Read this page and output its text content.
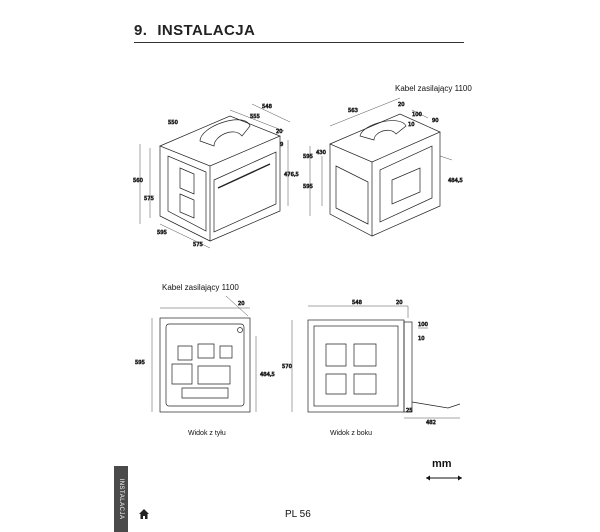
9. INSTALACJA
550
548
555
20
9
560
476,5
575
595
575
595
563
20
90
430
595
484,5
100
10
Kabel zasilający 1100
Kabel zasilający 1100
20
595
484,5
Widok z tyłu
548	20
570
100
10
25
482
Widok z boku
mm
INSTALACJA	PL 56
